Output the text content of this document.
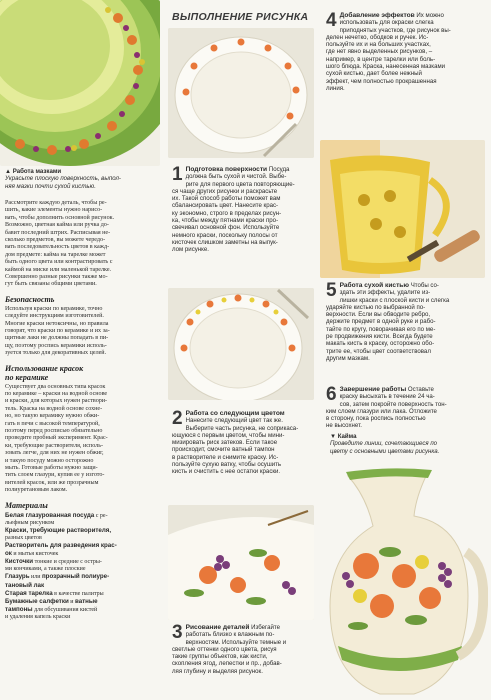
▲ Работа мазками
Украсьте плоскую поверхность, выпол-
няя мазки почти сухой кистью.

Рассмотрите каждую деталь, чтобы ре-

шить, какие элементы нужно нарисо-

вать, чтобы дополнить основной рисунок.

Возможно, цветная каймa или ручка до-

бавит последний штрих. Расписывая не-

сколько предметов, вы можете чередо-

вать последовательность цветов в кажд-

дом предмете: кайма на тарелке может

быть одного цвета или контрастировать с

каймой на миске или маленькой тарелке.

Совершенно разные рисунки также мо-

гут быть связаны общими цветами.

Безопасность

Используя краски по керамике, точно

следуйте инструкциям изготовителей.

Многие краски нетоксичны, но правила

говорят, что краски по керамике и их за-

щитные лаки не должны попадать в пи-

щу, поэтому роспись керамики исполь-

зуется только для декоративных целей.

Использование красок

по керамике

Существует два основных типа красок

по керамике – краски на водной основе

и краски, для которых нужен раствори-

тель. Краска на водной основе сохне-

но, но такую керамику нужно обжи-

гать в печи с высокой температурой,

поэтому перед росписью обязательно

проведите пробный эксперимент. Крас-

ки, требующие растворителя, исполь-

зовать легче, для них не нужен обжиг,

и такую посуду можно осторожно

мыть. Готовые работы нужно защи-

тить слоем глазури, купив ее у изгото-

вителей красок, или же прозрачным

полиуретановым лаком.

Материалы

Белая глазурованная посуда с ре-

льефным рисунком

Краски, требующие растворителя,

разных цветов

Растворитель для разведения крас-

ок и мытья кисточек

Кисточки тонкие и средние с остры-

ми кончиками, а также плоские

Глазурь или прозрачный полиуре-

тановый лак

Старая тарелка в качестве палитры

Бумажные салфетки и ватные

тампоны для обсушивания кистей

и удаления капель краски

ВЫПОЛНЕНИЕ РИСУНКА
1 Подготовка поверхности Посуда

должна быть сухой и чистой. Выбе-

рите для первого цвета повторяющие-

ся чаще других рисунки и раскрасьте

их. Такой способ работы поможет вам

сбалансировать цвет. Нанесите крас-

ку экономно, строго в пределах рисун-

ка, чтобы между пятнами краски про-

свечивал основной фон. Используйте

немного краски, поскольку полосы от

кисточек слишком заметны на выпук-

лом рисунке.

2 Работа со следующим цветом

Нанесите следующий цвет так же.

Выберите часть рисунка, не соприкаса-

ющуюся с первым цветом, чтобы мини-

мизировать риск затеков. Если такое

происходит, смочите ватный тампон

в растворителе и снимите краску. Ис-

пользуйте сухую ватку, чтобы осушить

кисть и счистить с нее остатки краски.

3 Рисование деталей Избегайте

работать близко к влажным по-

верхностям. Используйте темные и

светлые оттенки одного цвета, рисуя

такие группы объектов, как кисти,

скопления ягод, лепестки и пр., добав-

ляя глубину и выделяя рисунок.

4 Добавление эффектов Их можно

использовать для окраски слегка

приподнятых участков, где рисунок вы-

делен нечетко, ободков и ручек. Ис-

пользуйте их и на больших участках,

где нет явно выделенных рисунков, –

например, в центре тарелки или боль-

шого блюда. Краска, нанесенная мазками

сухой кистью, дает более нежный

эффект, чем полностью прокрашенная

линия.

5 Работа сухой кистью Чтобы со-

здать эти эффекты, удалите из-

лишки краски с плоской кисти и слегка

ударяйте кистью по выбранной по-

верхности. Если вы обводите ребро,

держите предмет в одной руке и рабо-

тайте по кругу, поворачивая его по ме-

ре продвижения кисти. Всегда будете

макать кисть в краску, осторожно обо-

трите ее, чтобы цвет соответствовал

другим мазкам.

6 Завершение работы Оставьте

краску высыхать в течение 24 ча-

сов, затем покройте поверхность тон-

ким слоем глазури или лака. Отложите

в сторону, пока роспись полностью

не высохнет.

▼ Кайма

Проведите линии, сочетающиеся по

цвету с основными цветами рисунка.
